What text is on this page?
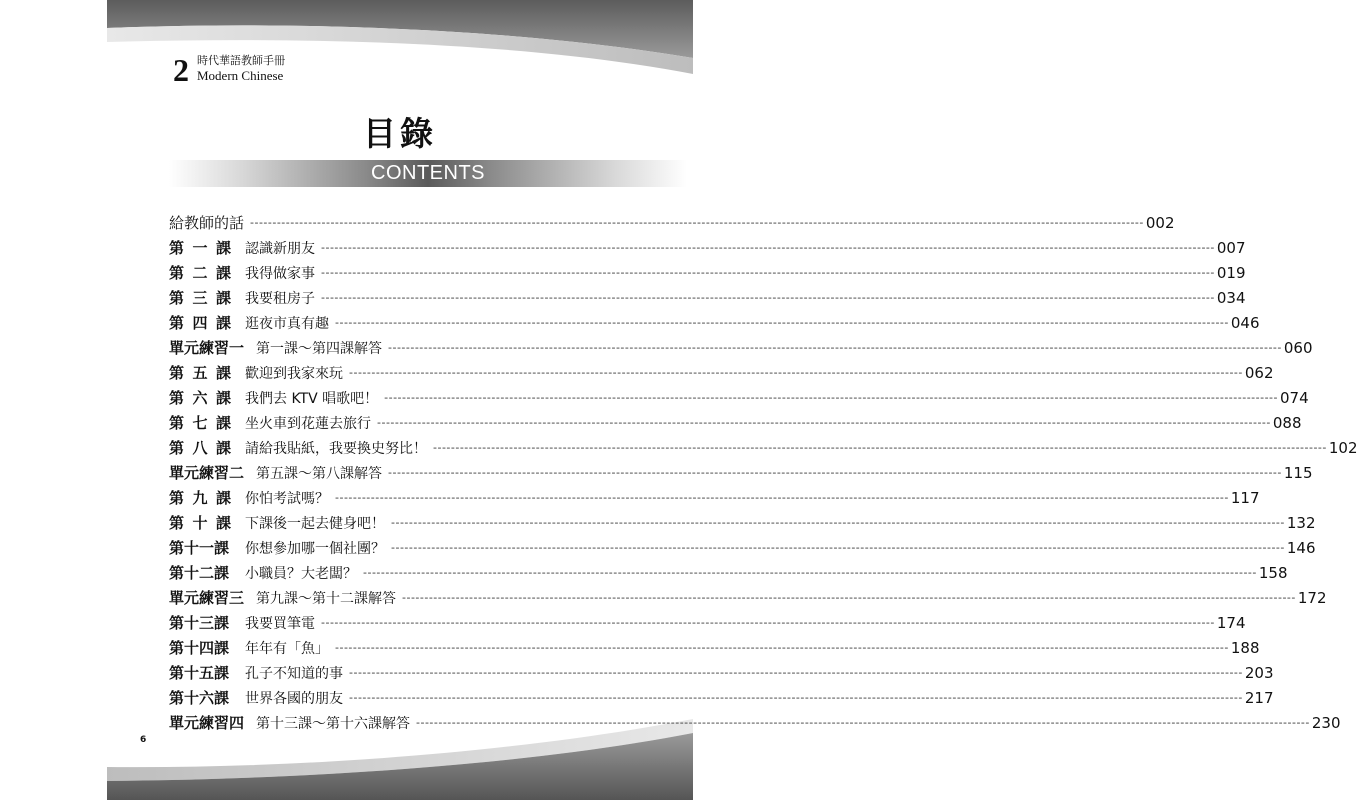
2 時代華語教師手冊
Modern Chinese
目錄
CONTENTS
給教師的話 -------------------------------------------------------------------------------------------------------------------------------------------------------------------------------------------------------- 002
第 一 課 認識新朋友 -------------------------------------------------------------------------------------------------------------------------------------------------------------------------------------------------------- 007
第 二 課 我得做家事 -------------------------------------------------------------------------------------------------------------------------------------------------------------------------------------------------------- 019
第 三 課 我要租房子 -------------------------------------------------------------------------------------------------------------------------------------------------------------------------------------------------------- 034
第 四 課 逛夜市真有趣 -------------------------------------------------------------------------------------------------------------------------------------------------------------------------------------------------------- 046
單元練習一 第一課～第四課解答 -------------------------------------------------------------------------------------------------------------------------------------------------------------------------------------------------------- 060
第 五 課 歡迎到我家來玩 -------------------------------------------------------------------------------------------------------------------------------------------------------------------------------------------------------- 062
第 六 課 我們去 KTV 唱歌吧！ -------------------------------------------------------------------------------------------------------------------------------------------------------------------------------------------------------- 074
第 七 課 坐火車到花蓮去旅行 -------------------------------------------------------------------------------------------------------------------------------------------------------------------------------------------------------- 088
第 八 課 請給我貼紙，我要換史努比！ -------------------------------------------------------------------------------------------------------------------------------------------------------------------------------------------------------- 102
單元練習二 第五課～第八課解答 -------------------------------------------------------------------------------------------------------------------------------------------------------------------------------------------------------- 115
第 九 課 你怕考試嗎？ -------------------------------------------------------------------------------------------------------------------------------------------------------------------------------------------------------- 117
第 十 課 下課後一起去健身吧！ -------------------------------------------------------------------------------------------------------------------------------------------------------------------------------------------------------- 132
第十一課 你想參加哪一個社團？ -------------------------------------------------------------------------------------------------------------------------------------------------------------------------------------------------------- 146
第十二課 小職員？大老闆？ -------------------------------------------------------------------------------------------------------------------------------------------------------------------------------------------------------- 158
單元練習三 第九課～第十二課解答 -------------------------------------------------------------------------------------------------------------------------------------------------------------------------------------------------------- 172
第十三課 我要買筆電 -------------------------------------------------------------------------------------------------------------------------------------------------------------------------------------------------------- 174
第十四課 年年有「魚」 -------------------------------------------------------------------------------------------------------------------------------------------------------------------------------------------------------- 188
第十五課 孔子不知道的事 -------------------------------------------------------------------------------------------------------------------------------------------------------------------------------------------------------- 203
第十六課 世界各國的朋友 -------------------------------------------------------------------------------------------------------------------------------------------------------------------------------------------------------- 217
單元練習四 第十三課～第十六課解答 -------------------------------------------------------------------------------------------------------------------------------------------------------------------------------------------------------- 230
6
